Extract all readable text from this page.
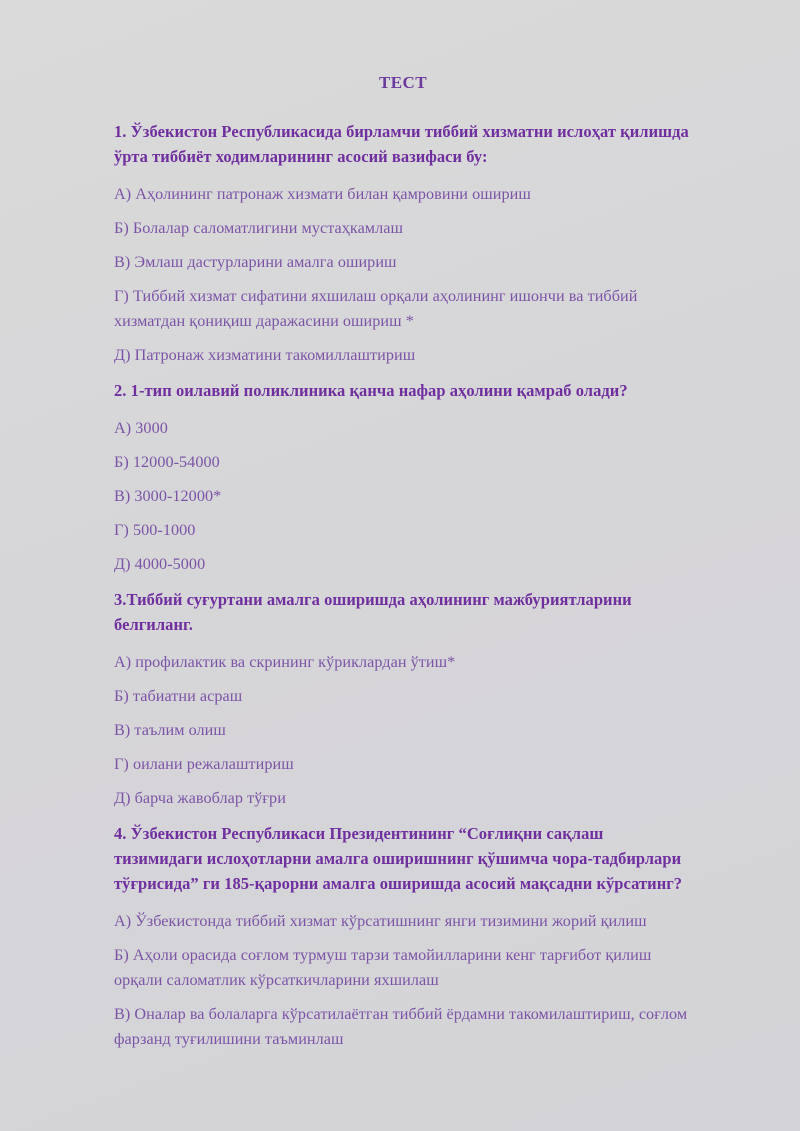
ТЕСТ

1. Ўзбекистон Республикасида бирламчи тиббий хизматни ислоҳат қилишда ўрта тиббиёт ходимларининг асосий вазифаси бу:

А) Аҳолининг патронаж хизмати билан қамровини ошириш

Б) Болалар саломатлигини мустаҳкамлаш

В) Эмлаш дастурларини амалга ошириш

Г) Тиббий хизмат сифатини яхшилаш орқали аҳолининг ишончи ва тиббий хизматдан қониқиш даражасини ошириш *

Д) Патронаж хизматини такомиллаштириш

2. 1-тип оилавий поликлиника қанча нафар аҳолини қамраб олади?

А) 3000

Б) 12000-54000

В) 3000-12000*

Г) 500-1000

Д) 4000-5000

3.Тиббий суғуртани амалга оширишда аҳолининг мажбуриятларини белгиланг.

А) профилактик ва скрининг кўриклардан ўтиш*

Б) табиатни асраш

В) таълим олиш

Г) оилани режалаштириш

Д) барча жавоблар тўғри

4. Ўзбекистон Республикаси Президентининг “Соғлиқни сақлаш тизимидаги ислоҳотларни амалга оширишнинг қўшимча чора-тадбирлари тўғрисида” ги 185-қарорни амалга оширишда асосий мақсадни кўрсатинг?

А) Ўзбекистонда тиббий хизмат кўрсатишнинг янги тизимини жорий қилиш

Б) Аҳоли орасида соғлом турмуш тарзи тамойилларини кенг тарғибот қилиш орқали саломатлик кўрсаткичларини яхшилаш

В) Оналар ва болаларга кўрсатилаётган тиббий ёрдамни такомилаштириш, соғлом фарзанд туғилишини таъминлаш
